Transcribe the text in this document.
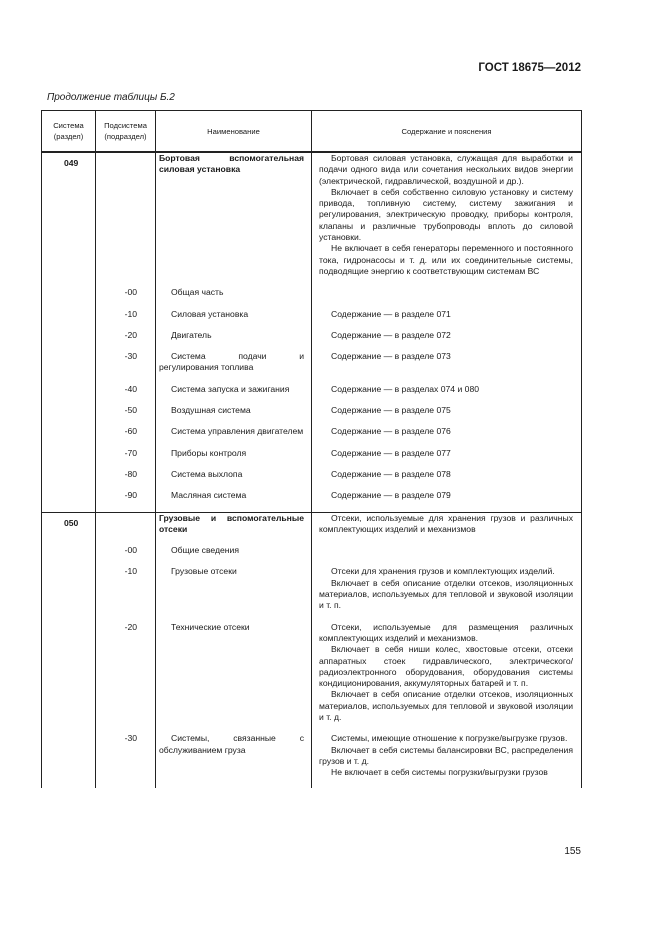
ГОСТ 18675—2012
Продолжение таблицы Б.2
Система (раздел)	Подсистема (подраздел)	Наименование	Содержание и пояснения
049		Бортовая вспомогательная силовая установка	Бортовая силовая установка, служащая для выработки и подачи одного вида или сочетания нескольких видов энергии (электрической, гидравлической, воздушной и др.).
Включает в себя собственно силовую установку и систему привода, топливную систему, систему зажигания и регулирования, электрическую проводку, приборы контроля, клапаны и различные трубопроводы вплоть до силовой установки.
Не включает в себя генераторы переменного и постоянного тока, гидронасосы и т. д. или их соединительные системы, подводящие энергию к соответствующим системам ВС

	-00	Общая часть	

	-10	Силовая установка	Содержание — в разделе 071

	-20	Двигатель	Содержание — в разделе 072

	-30	Система подачи и регулирования топлива	Содержание — в разделе 073

	-40	Система запуска и зажигания	Содержание — в разделах 074 и 080

	-50	Воздушная система	Содержание — в разделе 075

	-60	Система управления двигателем	Содержание — в разделе 076

	-70	Приборы контроля	Содержание — в разделе 077

	-80	Система выхлопа	Содержание — в разделе 078

	-90	Масляная система	Содержание — в разделе 079

050		Грузовые и вспомогательные отсеки	Отсеки, используемые для хранения грузов и различных комплектующих изделий и механизмов

	-00	Общие сведения	

	-10	Грузовые отсеки	Отсеки для хранения грузов и комплектующих изделий.
Включает в себя описание отделки отсеков, изоляционных материалов, используемых для тепловой и звуковой изоляции и т. п.

	-20	Технические отсеки	Отсеки, используемые для размещения различных комплектующих изделий и механизмов.
Включает в себя ниши колес, хвостовые отсеки, отсеки аппаратных стоек гидравлического, электрического/ радиоэлектронного оборудования, оборудования системы кондиционирования, аккумуляторных батарей и т. п.
Включает в себя описание отделки отсеков, изоляционных материалов, используемых для тепловой и звуковой изоляции и т. д.

	-30	Системы, связанные с обслуживанием груза	Системы, имеющие отношение к погрузке/выгрузке грузов.
Включает в себя системы балансировки ВС, распределения грузов и т. д.
Не включает в себя системы погрузки/выгрузки грузов
155
